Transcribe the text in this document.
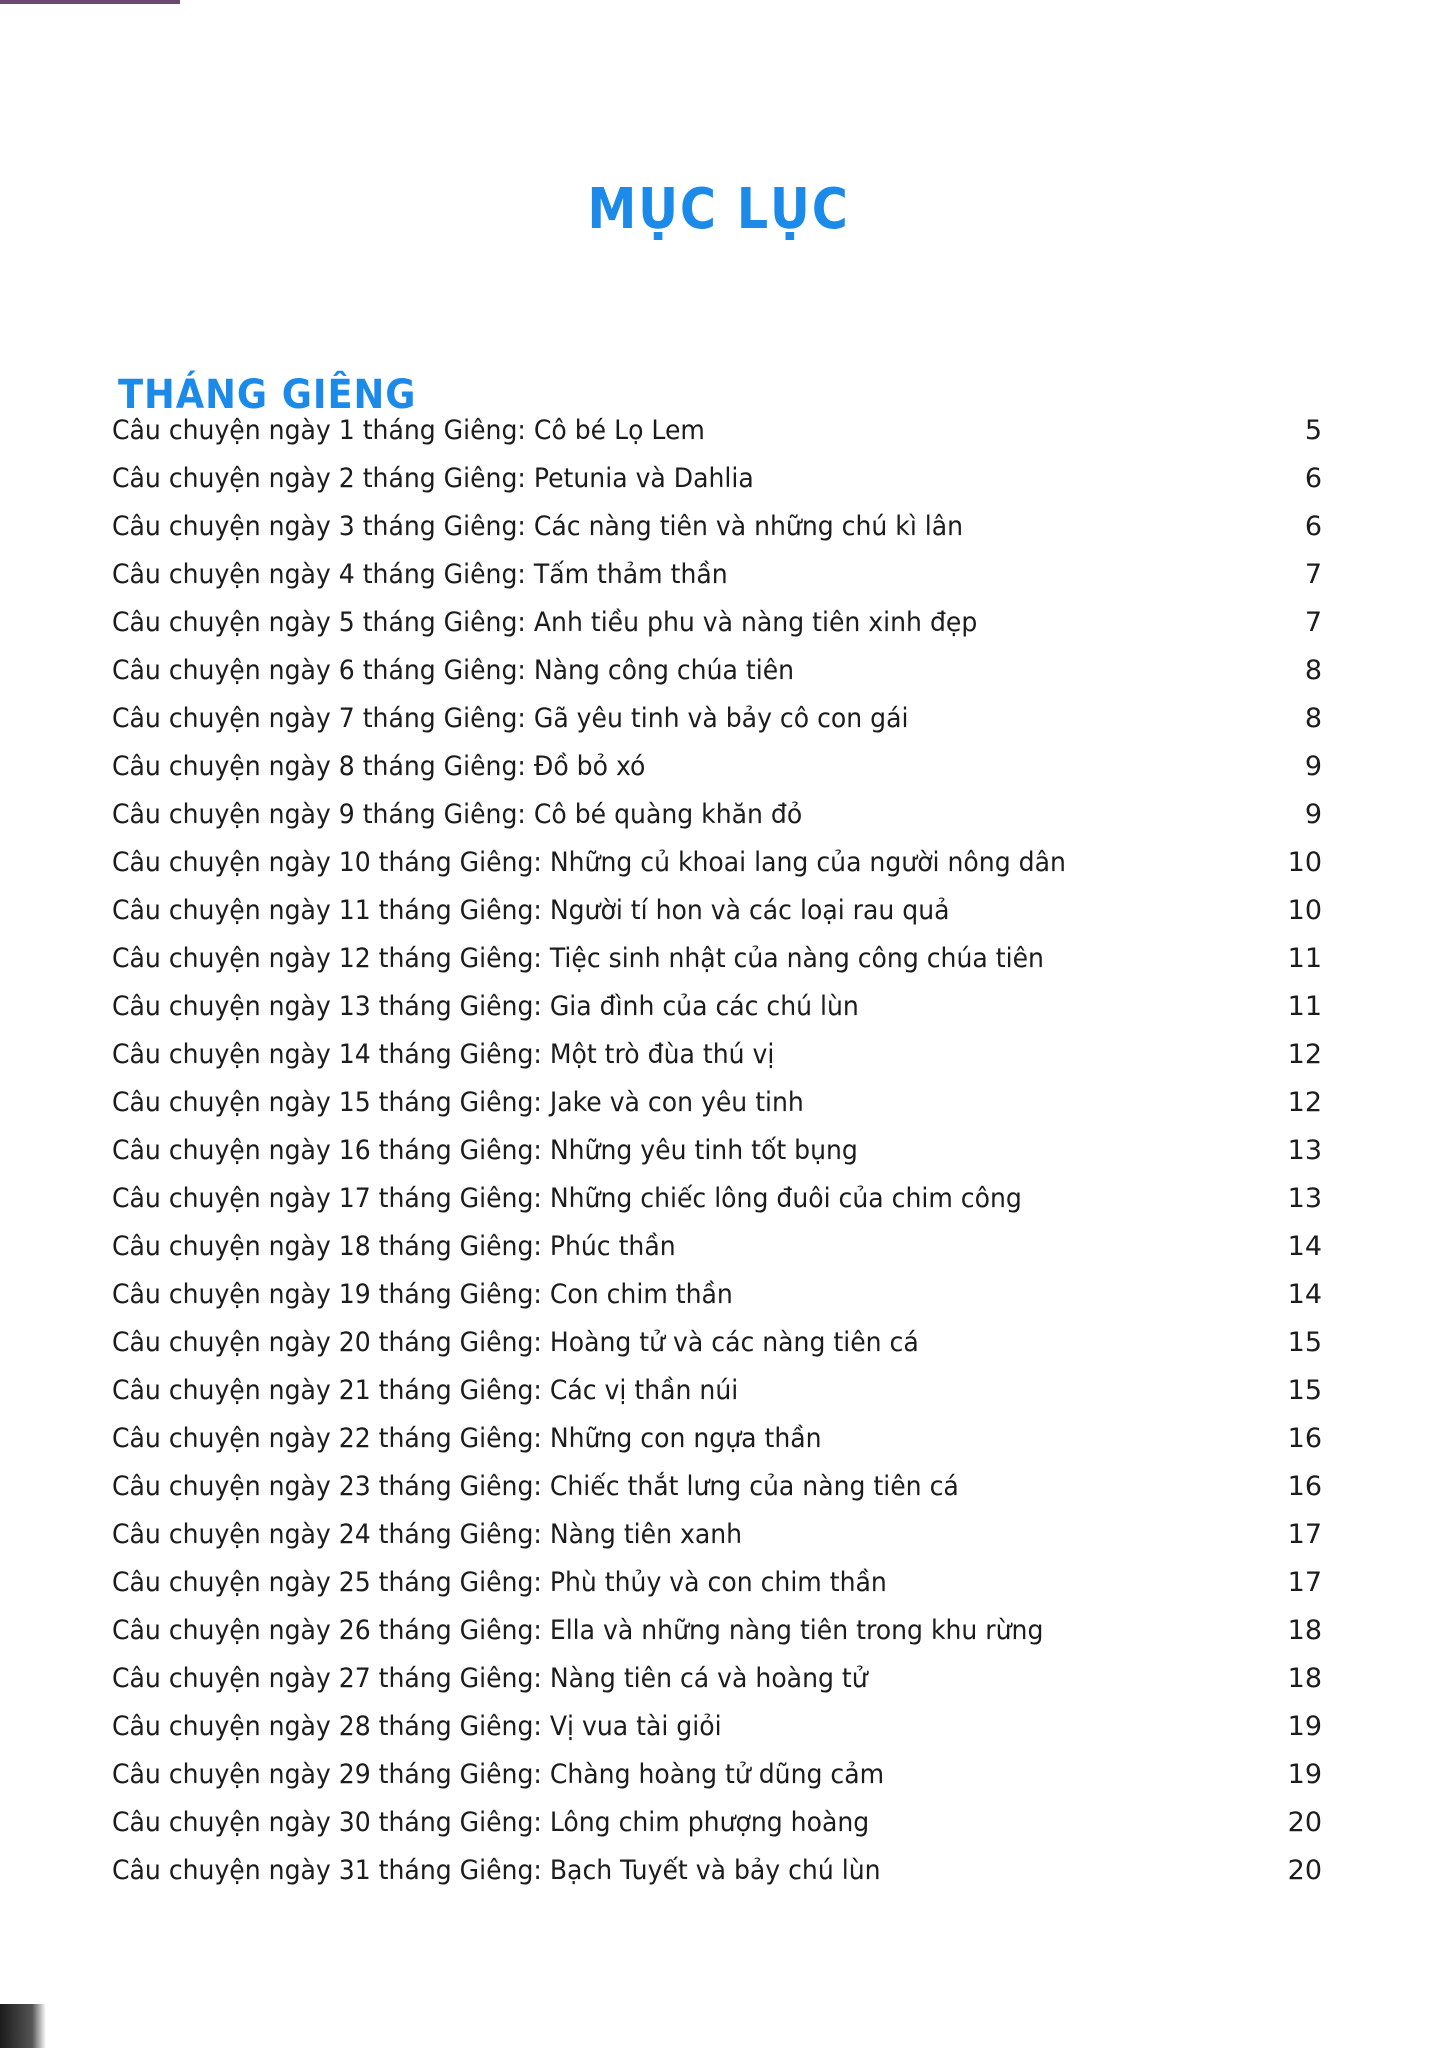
MỤC LỤC
THÁNG GIÊNG
Câu chuyện ngày 1 tháng Giêng: Cô bé Lọ Lem	5
Câu chuyện ngày 2 tháng Giêng: Petunia và Dahlia	6
Câu chuyện ngày 3 tháng Giêng: Các nàng tiên và những chú kì lân	6
Câu chuyện ngày 4 tháng Giêng: Tấm thảm thần	7
Câu chuyện ngày 5 tháng Giêng: Anh tiều phu và nàng tiên xinh đẹp	7
Câu chuyện ngày 6 tháng Giêng: Nàng công chúa tiên	8
Câu chuyện ngày 7 tháng Giêng: Gã yêu tinh và bảy cô con gái	8
Câu chuyện ngày 8 tháng Giêng: Đồ bỏ xó	9
Câu chuyện ngày 9 tháng Giêng: Cô bé quàng khăn đỏ	9
Câu chuyện ngày 10 tháng Giêng: Những củ khoai lang của người nông dân	10
Câu chuyện ngày 11 tháng Giêng: Người tí hon và các loại rau quả	10
Câu chuyện ngày 12 tháng Giêng: Tiệc sinh nhật của nàng công chúa tiên	11
Câu chuyện ngày 13 tháng Giêng: Gia đình của các chú lùn	11
Câu chuyện ngày 14 tháng Giêng: Một trò đùa thú vị	12
Câu chuyện ngày 15 tháng Giêng: Jake và con yêu tinh	12
Câu chuyện ngày 16 tháng Giêng: Những yêu tinh tốt bụng	13
Câu chuyện ngày 17 tháng Giêng: Những chiếc lông đuôi của chim công	13
Câu chuyện ngày 18 tháng Giêng: Phúc thần	14
Câu chuyện ngày 19 tháng Giêng: Con chim thần	14
Câu chuyện ngày 20 tháng Giêng: Hoàng tử và các nàng tiên cá	15
Câu chuyện ngày 21 tháng Giêng: Các vị thần núi	15
Câu chuyện ngày 22 tháng Giêng: Những con ngựa thần	16
Câu chuyện ngày 23 tháng Giêng: Chiếc thắt lưng của nàng tiên cá	16
Câu chuyện ngày 24 tháng Giêng: Nàng tiên xanh	17
Câu chuyện ngày 25 tháng Giêng: Phù thủy và con chim thần	17
Câu chuyện ngày 26 tháng Giêng: Ella và những nàng tiên trong khu rừng	18
Câu chuyện ngày 27 tháng Giêng: Nàng tiên cá và hoàng tử	18
Câu chuyện ngày 28 tháng Giêng: Vị vua tài giỏi	19
Câu chuyện ngày 29 tháng Giêng: Chàng hoàng tử dũng cảm	19
Câu chuyện ngày 30 tháng Giêng: Lông chim phượng hoàng	20
Câu chuyện ngày 31 tháng Giêng: Bạch Tuyết và bảy chú lùn	20
